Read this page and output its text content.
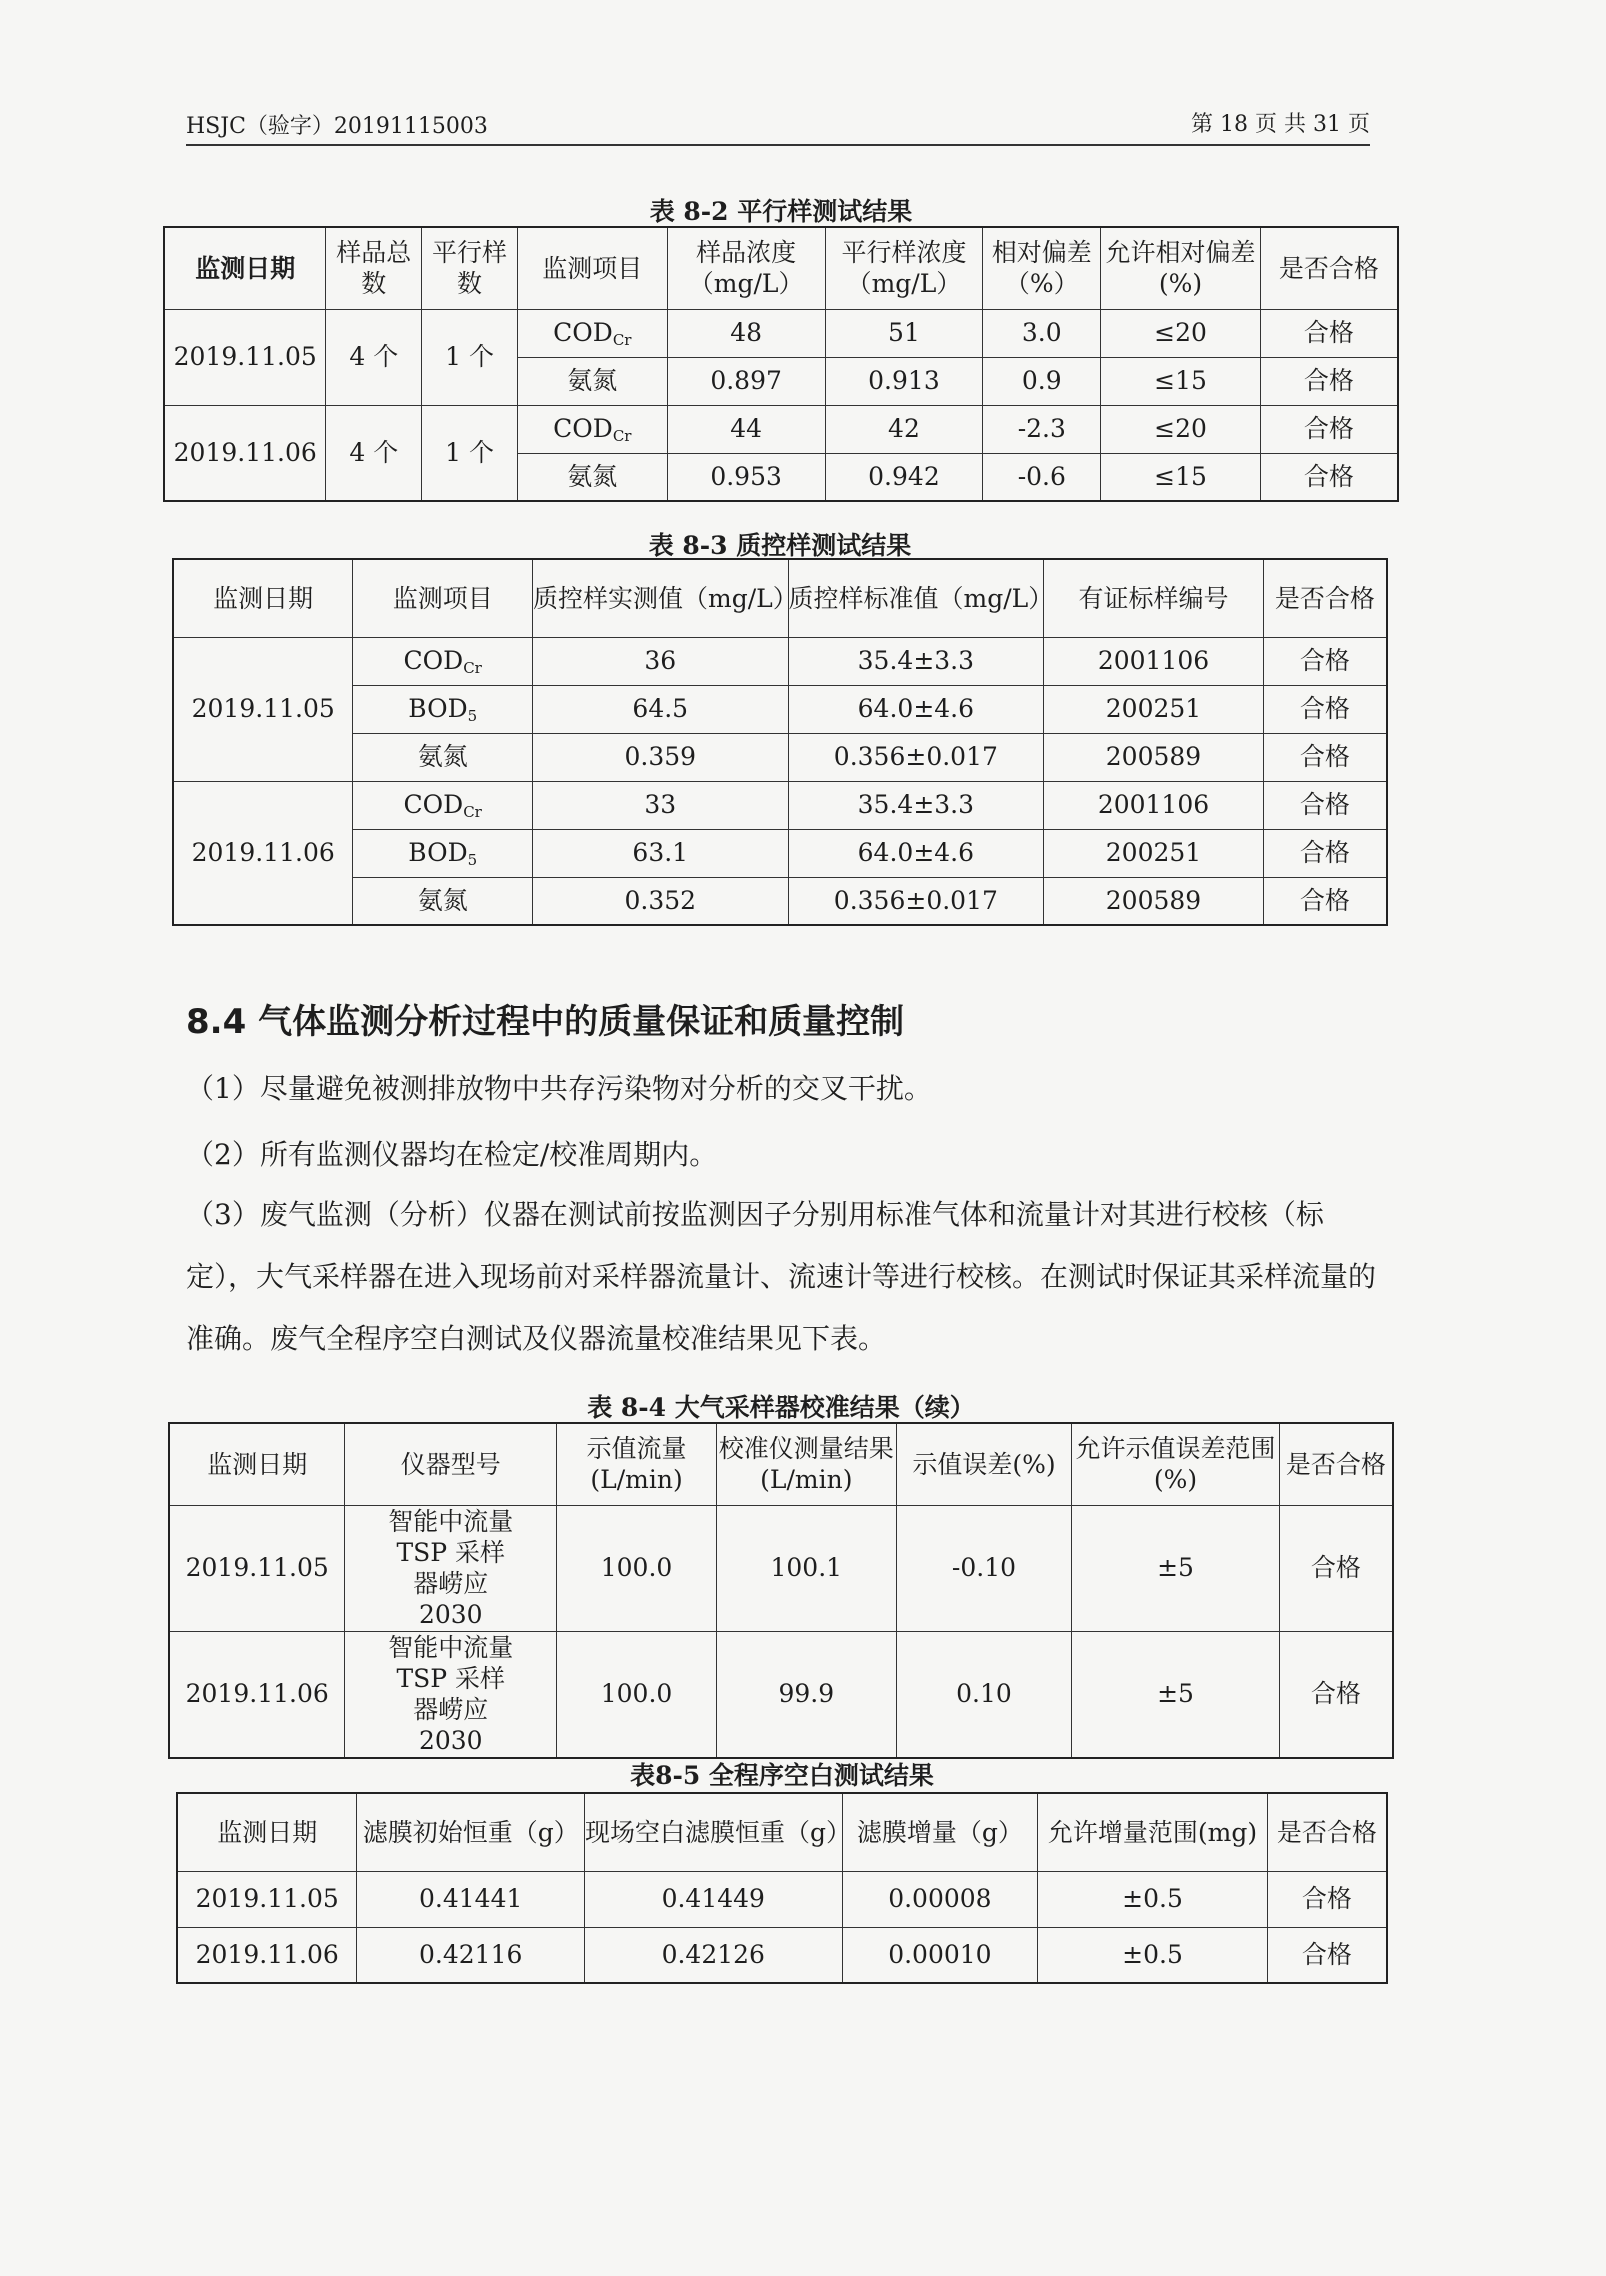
HSJC（验字）20191115003	第 18 页 共 31 页
表 8-2 平行样测试结果
监测日期	样品总数	平行样数	监测项目	样品浓度（mg/L）	平行样浓度（mg/L）	相对偏差（%）	允许相对偏差(%)	是否合格
2019.11.05	4 个	1 个	$COD_{Cr}$	48	51	3.0	≤20	合格
			氨氮	0.897	0.913	0.9	≤15	合格
2019.11.06	4 个	1 个	$COD_{Cr}$	44	42	-2.3	≤20	合格
			氨氮	0.953	0.942	-0.6	≤15	合格
表 8-3 质控样测试结果
监测日期	监测项目	质控样实测值（mg/L）	质控样标准值（mg/L）	有证标样编号	是否合格
2019.11.05	$COD_{Cr}$	36	35.4±3.3	2001106	合格
	$BOD_5$	64.5	64.0±4.6	200251	合格
	氨氮	0.359	0.356±0.017	200589	合格
2019.11.06	$COD_{Cr}$	33	35.4±3.3	2001106	合格
	$BOD_5$	63.1	64.0±4.6	200251	合格
	氨氮	0.352	0.356±0.017	200589	合格
8.4 气体监测分析过程中的质量保证和质量控制
（1）尽量避免被测排放物中共存污染物对分析的交叉干扰。
（2）所有监测仪器均在检定/校准周期内。
（3）废气监测（分析）仪器在测试前按监测因子分别用标准气体和流量计对其进行校核（标定），大气采样器在进入现场前对采样器流量计、流速计等进行校核。在测试时保证其采样流量的准确。废气全程序空白测试及仪器流量校准结果见下表。
表 8-4 大气采样器校准结果（续）
监测日期	仪器型号	示值流量(L/min)	校准仪测量结果(L/min)	示值误差(%)	允许示值误差范围(%)	是否合格
2019.11.05	智能中流量TSP 采样器崂应 2030	100.0	100.1	-0.10	±5	合格
2019.11.06	智能中流量TSP 采样器崂应 2030	100.0	99.9	0.10	±5	合格
表8-5 全程序空白测试结果
监测日期	滤膜初始恒重（g）	现场空白滤膜恒重（g）	滤膜增量（g）	允许增量范围(mg)	是否合格
2019.11.05	0.41441	0.41449	0.00008	±0.5	合格
2019.11.06	0.42116	0.42126	0.00010	±0.5	合格
